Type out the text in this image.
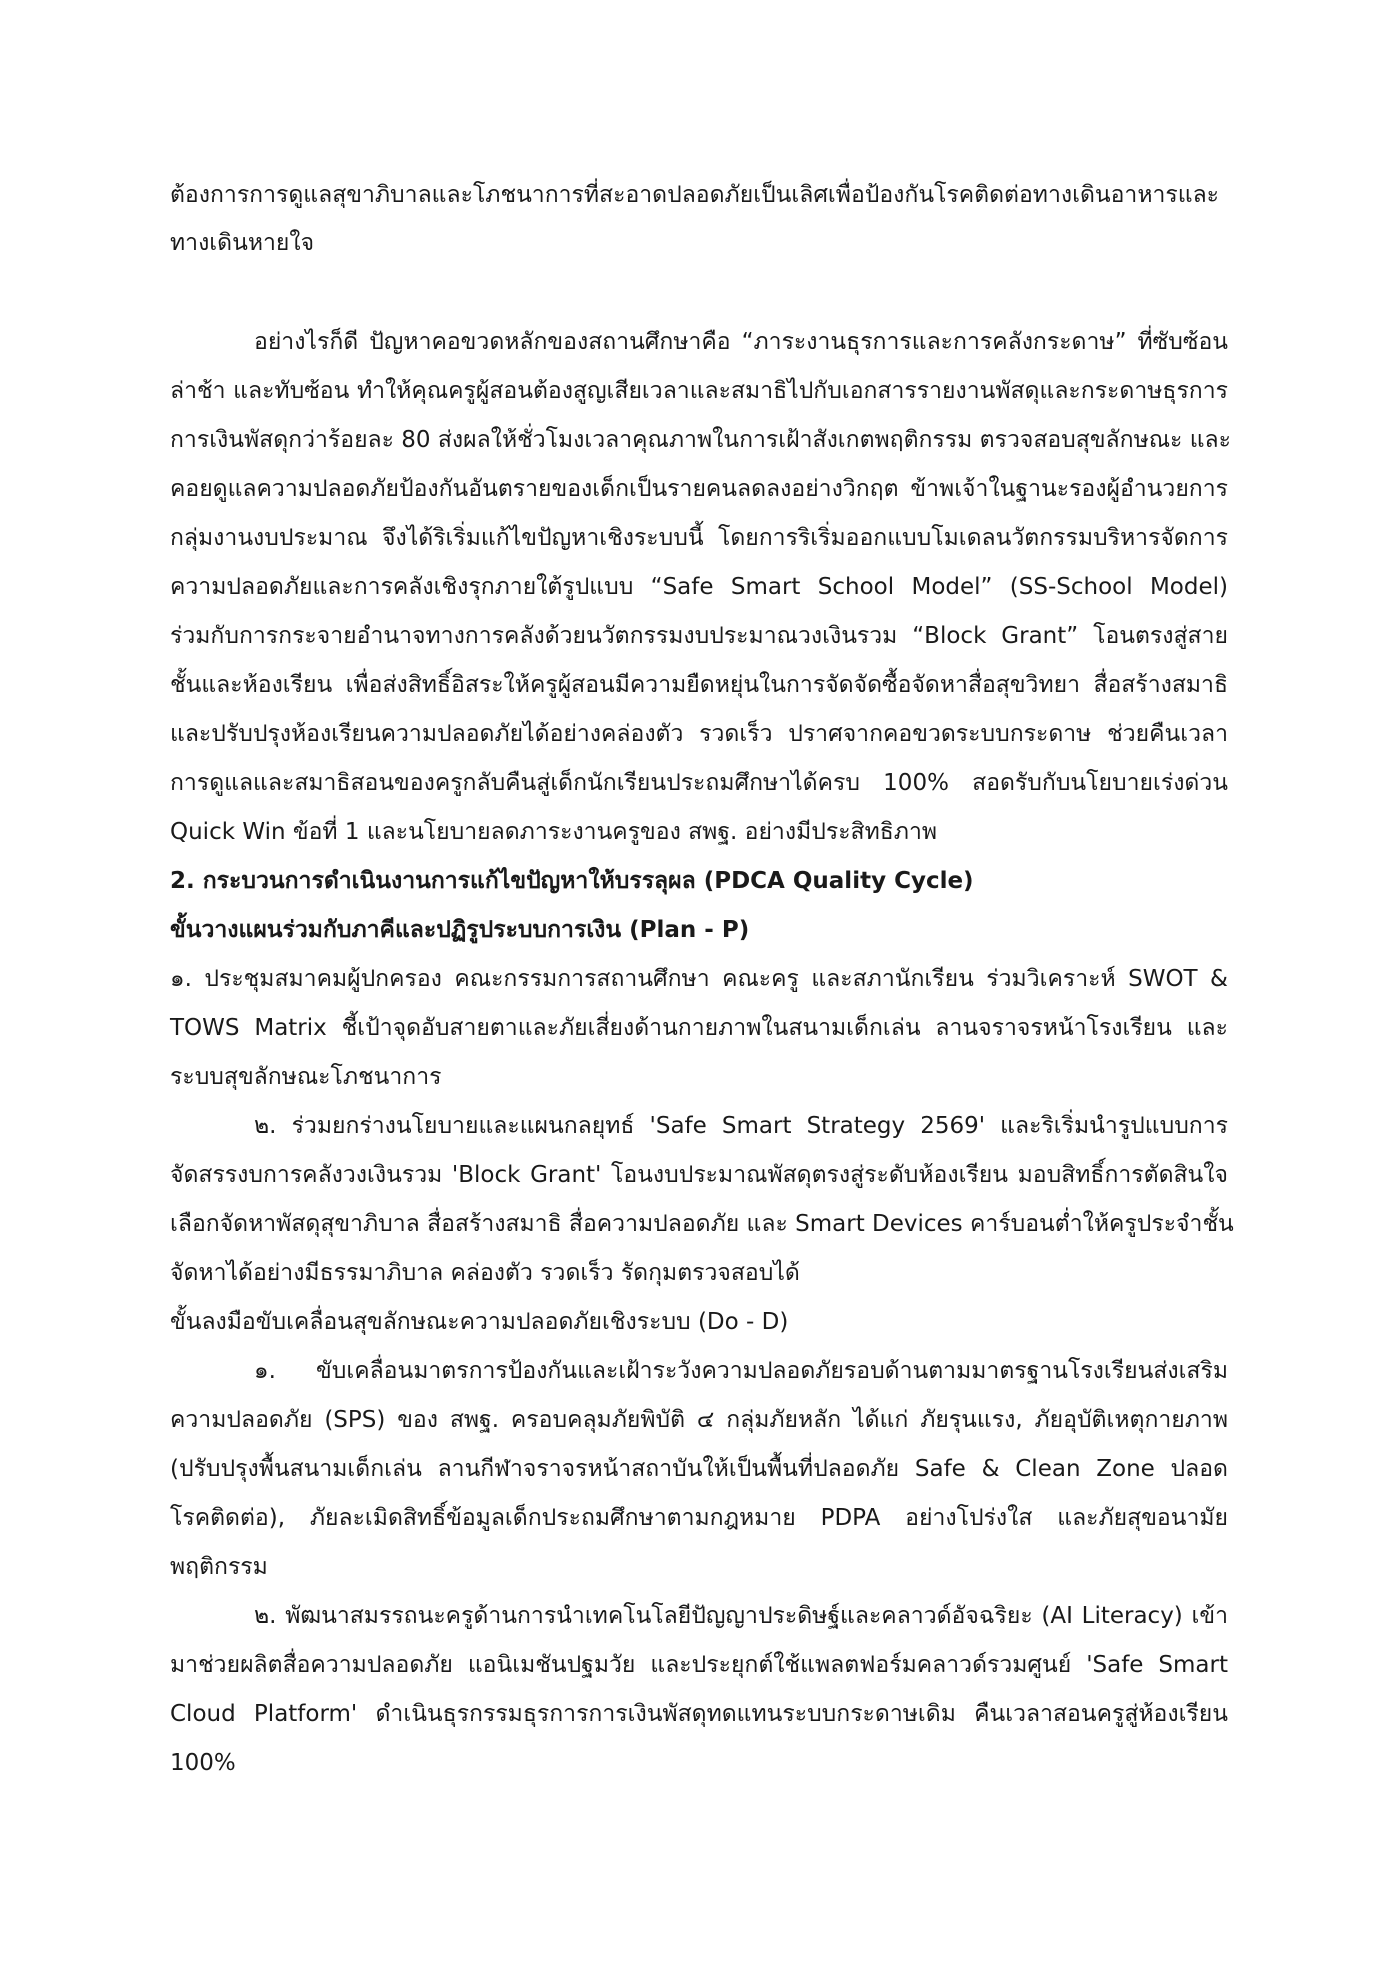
ต้องการการดูแลสุขาภิบาลและโภชนาการที่สะอาดปลอดภัยเป็นเลิศเพื่อป้องกันโรคติดต่อทางเดินอาหารและ
ทางเดินหายใจ
อย่างไรก็ดี ปัญหาคอขวดหลักของสถานศึกษาคือ “ภาระงานธุรการและการคลังกระดาษ” ที่ซับซ้อน
ล่าช้า และทับซ้อน ทำให้คุณครูผู้สอนต้องสูญเสียเวลาและสมาธิไปกับเอกสารรายงานพัสดุและกระดาษธุรการ
การเงินพัสดุกว่าร้อยละ 80 ส่งผลให้ชั่วโมงเวลาคุณภาพในการเฝ้าสังเกตพฤติกรรม ตรวจสอบสุขลักษณะ และ
คอยดูแลความปลอดภัยป้องกันอันตรายของเด็กเป็นรายคนลดลงอย่างวิกฤต ข้าพเจ้าในฐานะรองผู้อำนวยการ
กลุ่มงานงบประมาณ จึงได้ริเริ่มแก้ไขปัญหาเชิงระบบนี้ โดยการริเริ่มออกแบบโมเดลนวัตกรรมบริหารจัดการ
ความปลอดภัยและการคลังเชิงรุกภายใต้รูปแบบ “Safe Smart School Model” (SS-School Model)
ร่วมกับการกระจายอำนาจทางการคลังด้วยนวัตกรรมงบประมาณวงเงินรวม “Block Grant” โอนตรงสู่สาย
ชั้นและห้องเรียน เพื่อส่งสิทธิ์อิสระให้ครูผู้สอนมีความยืดหยุ่นในการจัดจัดซื้อจัดหาสื่อสุขวิทยา สื่อสร้างสมาธิ
และปรับปรุงห้องเรียนความปลอดภัยได้อย่างคล่องตัว รวดเร็ว ปราศจากคอขวดระบบกระดาษ ช่วยคืนเวลา
การดูแลและสมาธิสอนของครูกลับคืนสู่เด็กนักเรียนประถมศึกษาได้ครบ 100% สอดรับกับนโยบายเร่งด่วน
Quick Win ข้อที่ 1 และนโยบายลดภาระงานครูของ สพฐ. อย่างมีประสิทธิภาพ
2. กระบวนการดำเนินงานการแก้ไขปัญหาให้บรรลุผล (PDCA Quality Cycle)
ขั้นวางแผนร่วมกับภาคีและปฏิรูประบบการเงิน (Plan - P)
๑. ประชุมสมาคมผู้ปกครอง คณะกรรมการสถานศึกษา คณะครู และสภานักเรียน ร่วมวิเคราะห์ SWOT &
TOWS Matrix ชี้เป้าจุดอับสายตาและภัยเสี่ยงด้านกายภาพในสนามเด็กเล่น ลานจราจรหน้าโรงเรียน และ
ระบบสุขลักษณะโภชนาการ
๒. ร่วมยกร่างนโยบายและแผนกลยุทธ์ 'Safe Smart Strategy 2569' และริเริ่มนำรูปแบบการ
จัดสรรงบการคลังวงเงินรวม 'Block Grant' โอนงบประมาณพัสดุตรงสู่ระดับห้องเรียน มอบสิทธิ์การตัดสินใจ
เลือกจัดหาพัสดุสุขาภิบาล สื่อสร้างสมาธิ สื่อความปลอดภัย และ Smart Devices คาร์บอนต่ำให้ครูประจำชั้น
จัดหาได้อย่างมีธรรมาภิบาล คล่องตัว รวดเร็ว รัดกุมตรวจสอบได้
ขั้นลงมือขับเคลื่อนสุขลักษณะความปลอดภัยเชิงระบบ (Do - D)
๑. ขับเคลื่อนมาตรการป้องกันและเฝ้าระวังความปลอดภัยรอบด้านตามมาตรฐานโรงเรียนส่งเสริม
ความปลอดภัย (SPS) ของ สพฐ. ครอบคลุมภัยพิบัติ ๔ กลุ่มภัยหลัก ได้แก่ ภัยรุนแรง, ภัยอุบัติเหตุกายภาพ
(ปรับปรุงพื้นสนามเด็กเล่น ลานกีฬาจราจรหน้าสถาบันให้เป็นพื้นที่ปลอดภัย Safe & Clean Zone ปลอด
โรคติดต่อ), ภัยละเมิดสิทธิ์ข้อมูลเด็กประถมศึกษาตามกฎหมาย PDPA อย่างโปร่งใส และภัยสุขอนามัย
พฤติกรรม
๒. พัฒนาสมรรถนะครูด้านการนำเทคโนโลยีปัญญาประดิษฐ์และคลาวด์อัจฉริยะ (AI Literacy) เข้า
มาช่วยผลิตสื่อความปลอดภัย แอนิเมชันปฐมวัย และประยุกต์ใช้แพลตฟอร์มคลาวด์รวมศูนย์ 'Safe Smart
Cloud Platform' ดำเนินธุรกรรมธุรการการเงินพัสดุทดแทนระบบกระดาษเดิม คืนเวลาสอนครูสู่ห้องเรียน
100%
